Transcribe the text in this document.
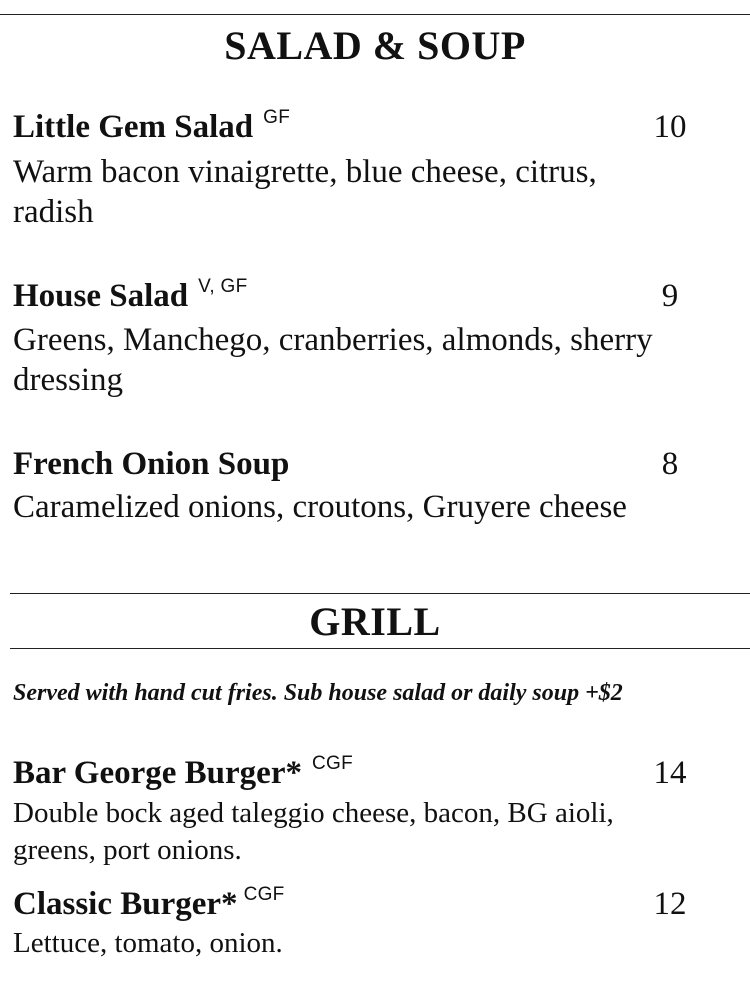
SALAD & SOUP
Little Gem Salad $^{GF}$	10
Warm bacon vinaigrette, blue cheese, citrus, radish
House Salad $^{V, GF}$	9
Greens, Manchego, cranberries, almonds, sherry dressing
French Onion Soup	8
Caramelized onions, croutons, Gruyere cheese
GRILL
Served with hand cut fries. Sub house salad or daily soup +$2
Bar George Burger* $^{CGF}$	14
Double bock aged taleggio cheese, bacon, BG aioli, greens, port onions.
Classic Burger* $^{CGF}$	12
Lettuce, tomato, onion.
